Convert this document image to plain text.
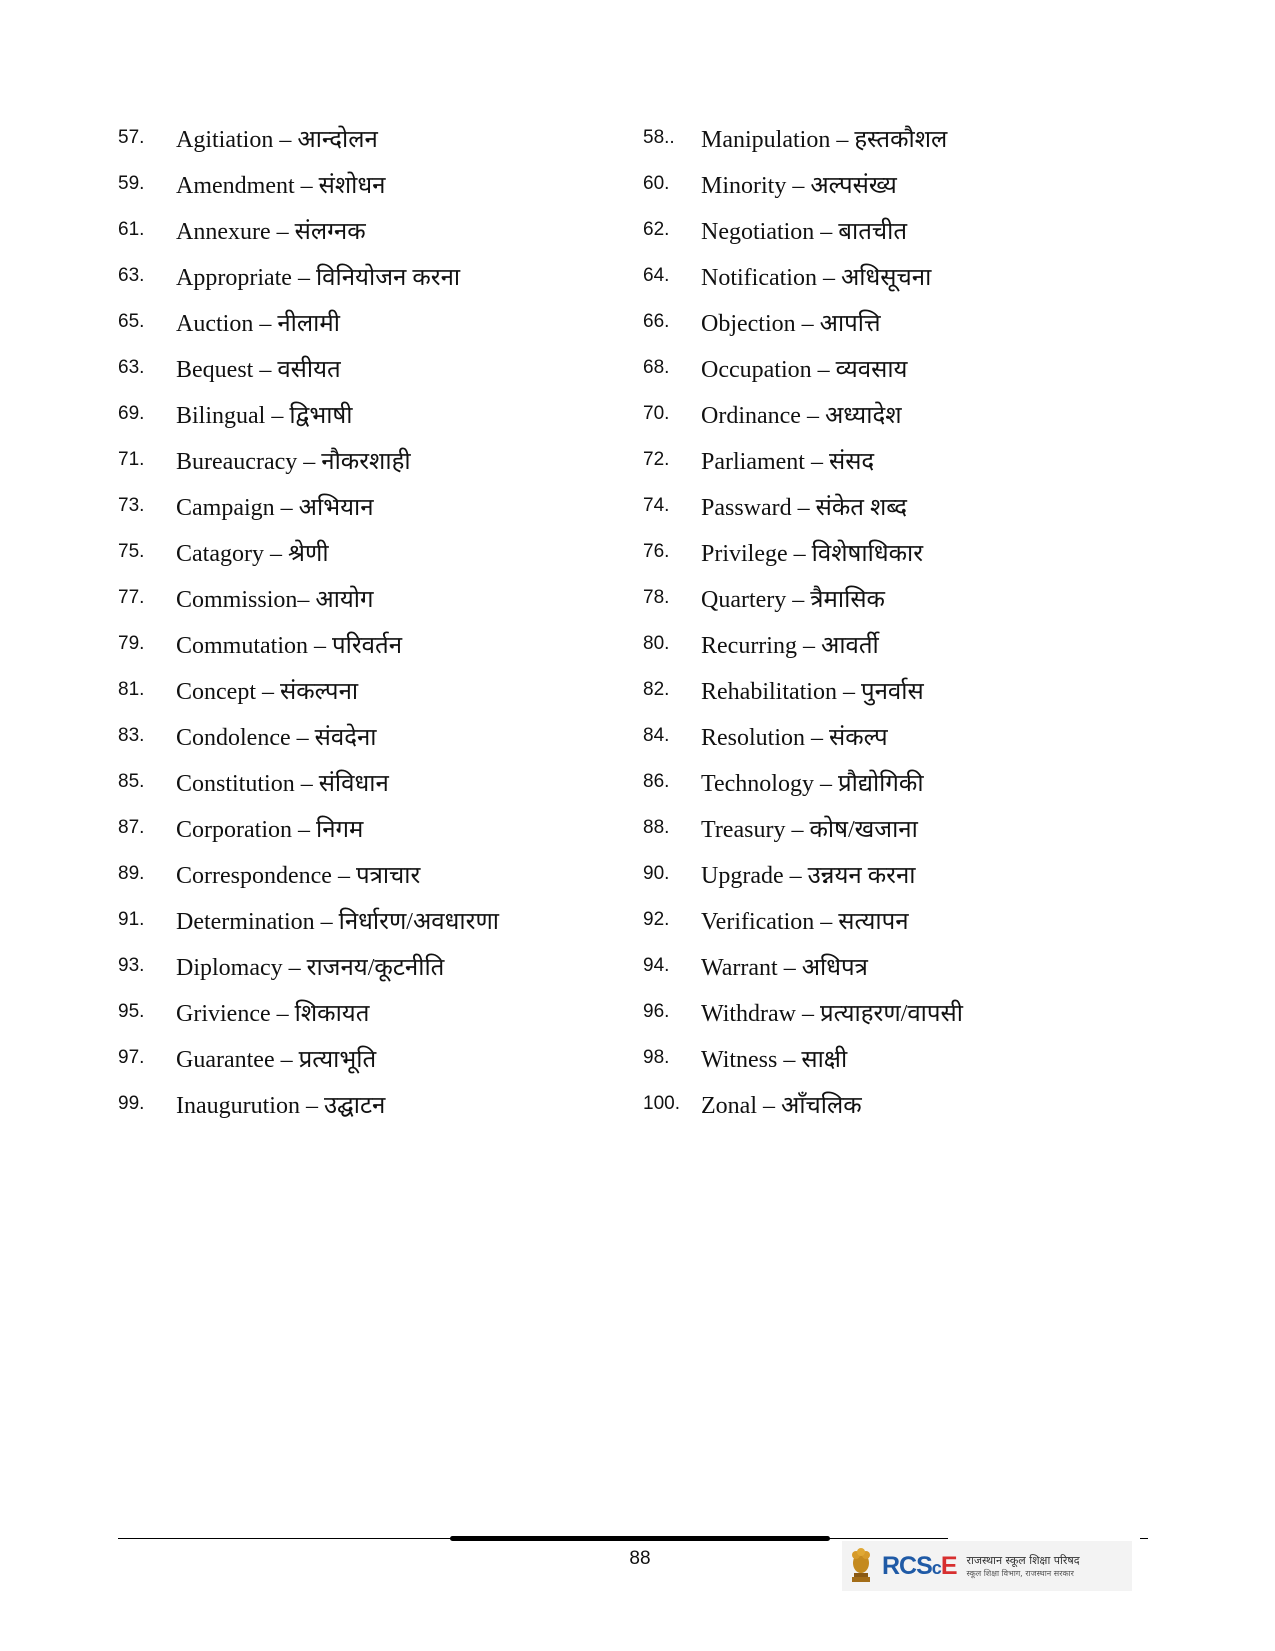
57.	Agitiation – आन्दोलन	58..	Manipulation – हस्तकौशल
59.	Amendment – संशोधन	60.	Minority – अल्पसंख्य
61.	Annexure – संलग्नक	62.	Negotiation – बातचीत
63.	Appropriate – विनियोजन करना	64.	Notification – अधिसूचना
65.	Auction – नीलामी	66.	Objection – आपत्ति
63.	Bequest – वसीयत	68.	Occupation – व्यवसाय
69.	Bilingual – द्विभाषी	70.	Ordinance – अध्यादेश
71.	Bureaucracy – नौकरशाही	72.	Parliament – संसद
73.	Campaign – अभियान	74.	Passward – संकेत शब्द
75.	Catagory – श्रेणी	76.	Privilege – विशेषाधिकार
77.	Commission– आयोग	78.	Quartery – त्रैमासिक
79.	Commutation – परिवर्तन	80.	Recurring – आवर्ती
81.	Concept – संकल्पना	82.	Rehabilitation – पुनर्वास
83.	Condolence – संवदेना	84.	Resolution – संकल्प
85.	Constitution – संविधान	86.	Technology – प्रौद्योगिकी
87.	Corporation – निगम	88.	Treasury – कोष/खजाना
89.	Correspondence – पत्राचार	90.	Upgrade – उन्नयन करना
91.	Determination – निर्धारण/अवधारणा	92.	Verification – सत्यापन
93.	Diplomacy – राजनय/कूटनीति	94.	Warrant – अधिपत्र
95.	Grivience – शिकायत	96.	Withdraw – प्रत्याहरण/वापसी
97.	Guarantee – प्रत्याभूति	98.	Witness – साक्षी
99.	Inaugurution – उद्घाटन	100. Zonal – आँचलिक
88	RCScE राजस्थान स्कूल शिक्षा परिषद
स्कूल शिक्षा विभाग, राजस्थान सरकार
